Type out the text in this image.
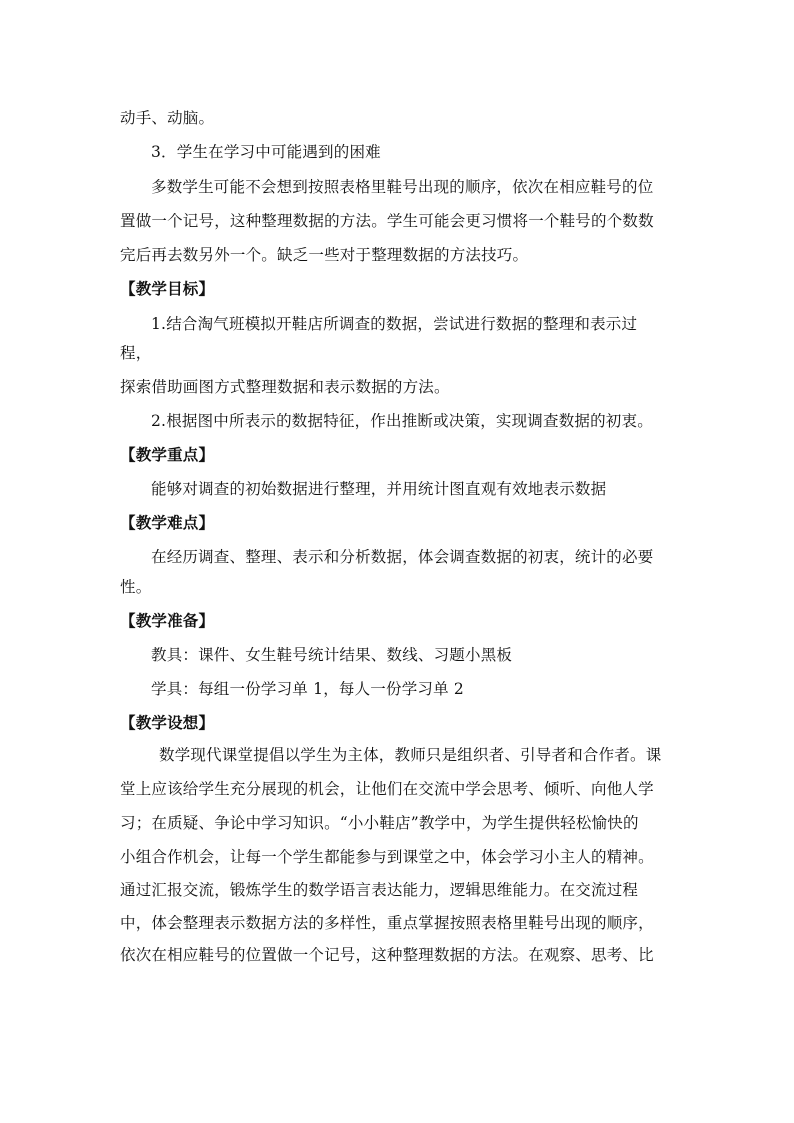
动手、动脑。
3．学生在学习中可能遇到的困难
多数学生可能不会想到按照表格里鞋号出现的顺序，依次在相应鞋号的位
置做一个记号，这种整理数据的方法。学生可能会更习惯将一个鞋号的个数数
完后再去数另外一个。缺乏一些对于整理数据的方法技巧。
【教学目标】
1.结合淘气班模拟开鞋店所调查的数据，尝试进行数据的整理和表示过
程，
探索借助画图方式整理数据和表示数据的方法。
2.根据图中所表示的数据特征，作出推断或决策，实现调查数据的初衷。
【教学重点】
能够对调查的初始数据进行整理，并用统计图直观有效地表示数据
【教学难点】
在经历调查、整理、表示和分析数据，体会调查数据的初衷，统计的必要
性。
【教学准备】
教具：课件、女生鞋号统计结果、数线、习题小黑板
学具：每组一份学习单 1，每人一份学习单 2
【教学设想】
数学现代课堂提倡以学生为主体，教师只是组织者、引导者和合作者。课
堂上应该给学生充分展现的机会，让他们在交流中学会思考、倾听、向他人学
习；在质疑、争论中学习知识。“小小鞋店”教学中，为学生提供轻松愉快的
小组合作机会，让每一个学生都能参与到课堂之中，体会学习小主人的精神。
通过汇报交流，锻炼学生的数学语言表达能力，逻辑思维能力。在交流过程
中，体会整理表示数据方法的多样性，重点掌握按照表格里鞋号出现的顺序，
依次在相应鞋号的位置做一个记号，这种整理数据的方法。在观察、思考、比
